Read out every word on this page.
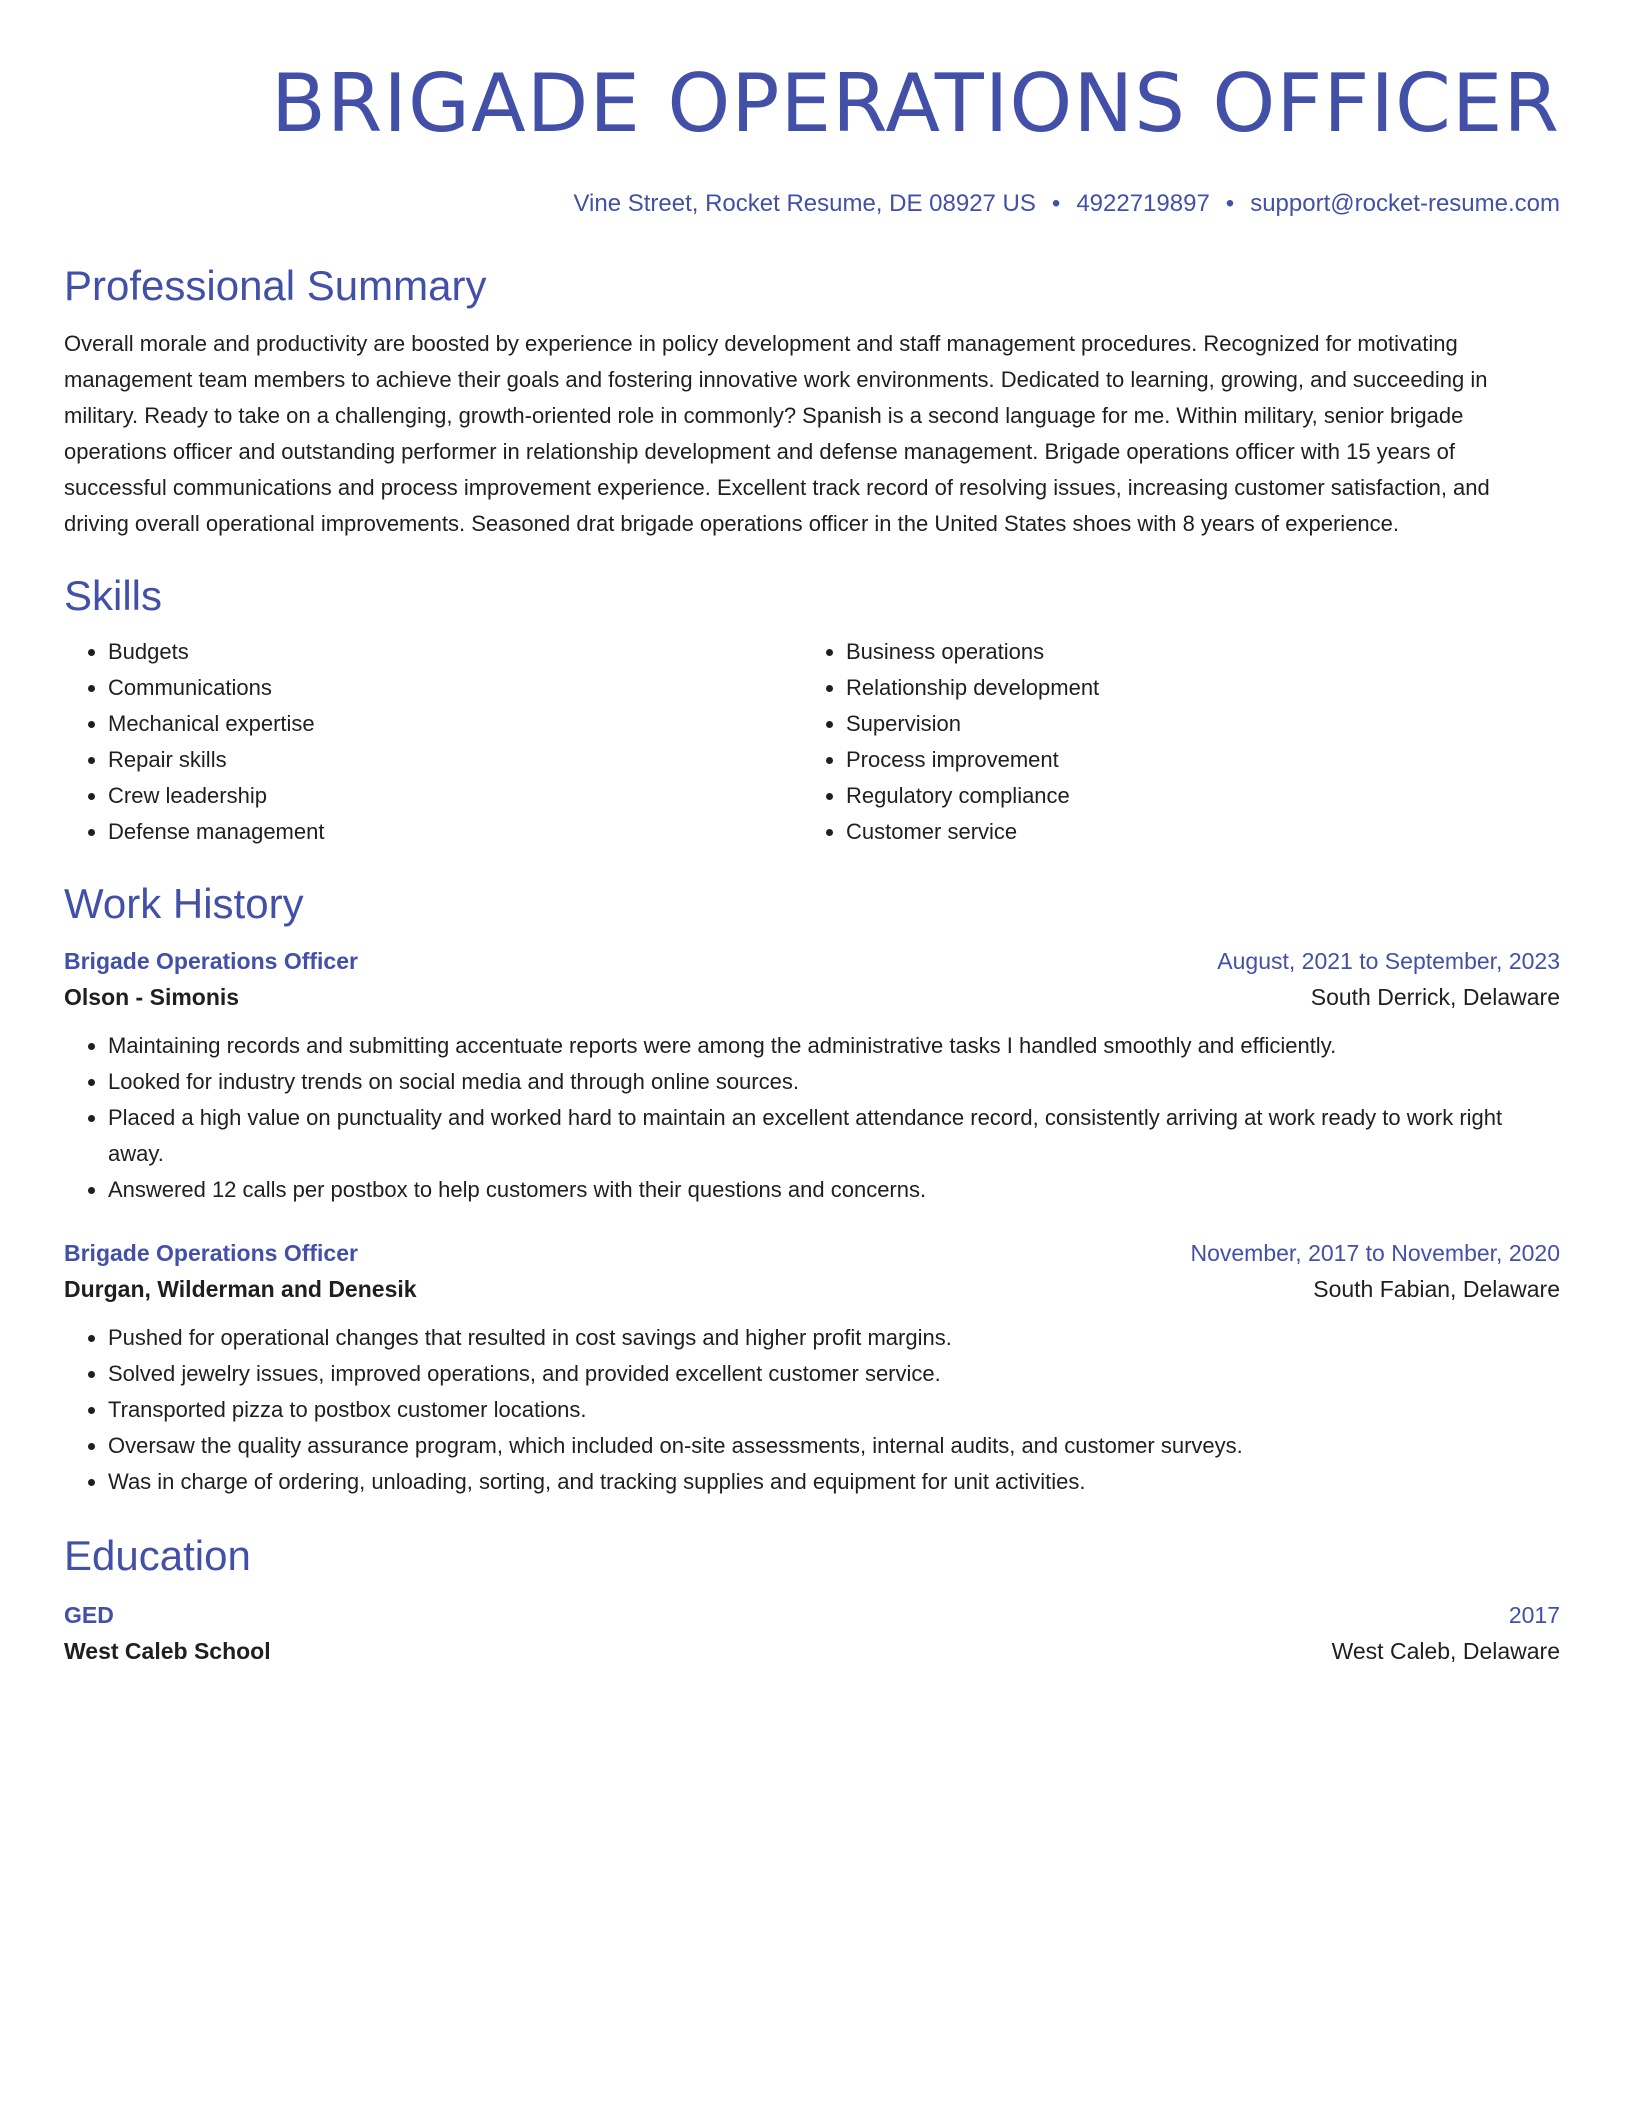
BRIGADE OPERATIONS OFFICER
Vine Street, Rocket Resume, DE 08927 US • 4922719897 • support@rocket-resume.com
Professional Summary

Overall morale and productivity are boosted by experience in policy development and staff management procedures. Recognized for motivating management team members to achieve their goals and fostering innovative work environments. Dedicated to learning, growing, and succeeding in military. Ready to take on a challenging, growth-oriented role in commonly? Spanish is a second language for me. Within military, senior brigade operations officer and outstanding performer in relationship development and defense management. Brigade operations officer with 15 years of successful communications and process improvement experience. Excellent track record of resolving issues, increasing customer satisfaction, and driving overall operational improvements. Seasoned drat brigade operations officer in the United States shoes with 8 years of experience.

Skills
• Budgets
• Communications
• Mechanical expertise
• Repair skills
• Crew leadership
• Defense management
• Business operations
• Relationship development
• Supervision
• Process improvement
• Regulatory compliance
• Customer service
Work History
Brigade Operations Officer	August, 2021 to September, 2023
Olson - Simonis	South Derrick, Delaware
• Maintaining records and submitting accentuate reports were among the administrative tasks I handled smoothly and efficiently.
• Looked for industry trends on social media and through online sources.
• Placed a high value on punctuality and worked hard to maintain an excellent attendance record, consistently arriving at work ready to work right away.
• Answered 12 calls per postbox to help customers with their questions and concerns.
Brigade Operations Officer	November, 2017 to November, 2020
Durgan, Wilderman and Denesik	South Fabian, Delaware
• Pushed for operational changes that resulted in cost savings and higher profit margins.
• Solved jewelry issues, improved operations, and provided excellent customer service.
• Transported pizza to postbox customer locations.
• Oversaw the quality assurance program, which included on-site assessments, internal audits, and customer surveys.
• Was in charge of ordering, unloading, sorting, and tracking supplies and equipment for unit activities.
Education
GED	2017
West Caleb School	West Caleb, Delaware
